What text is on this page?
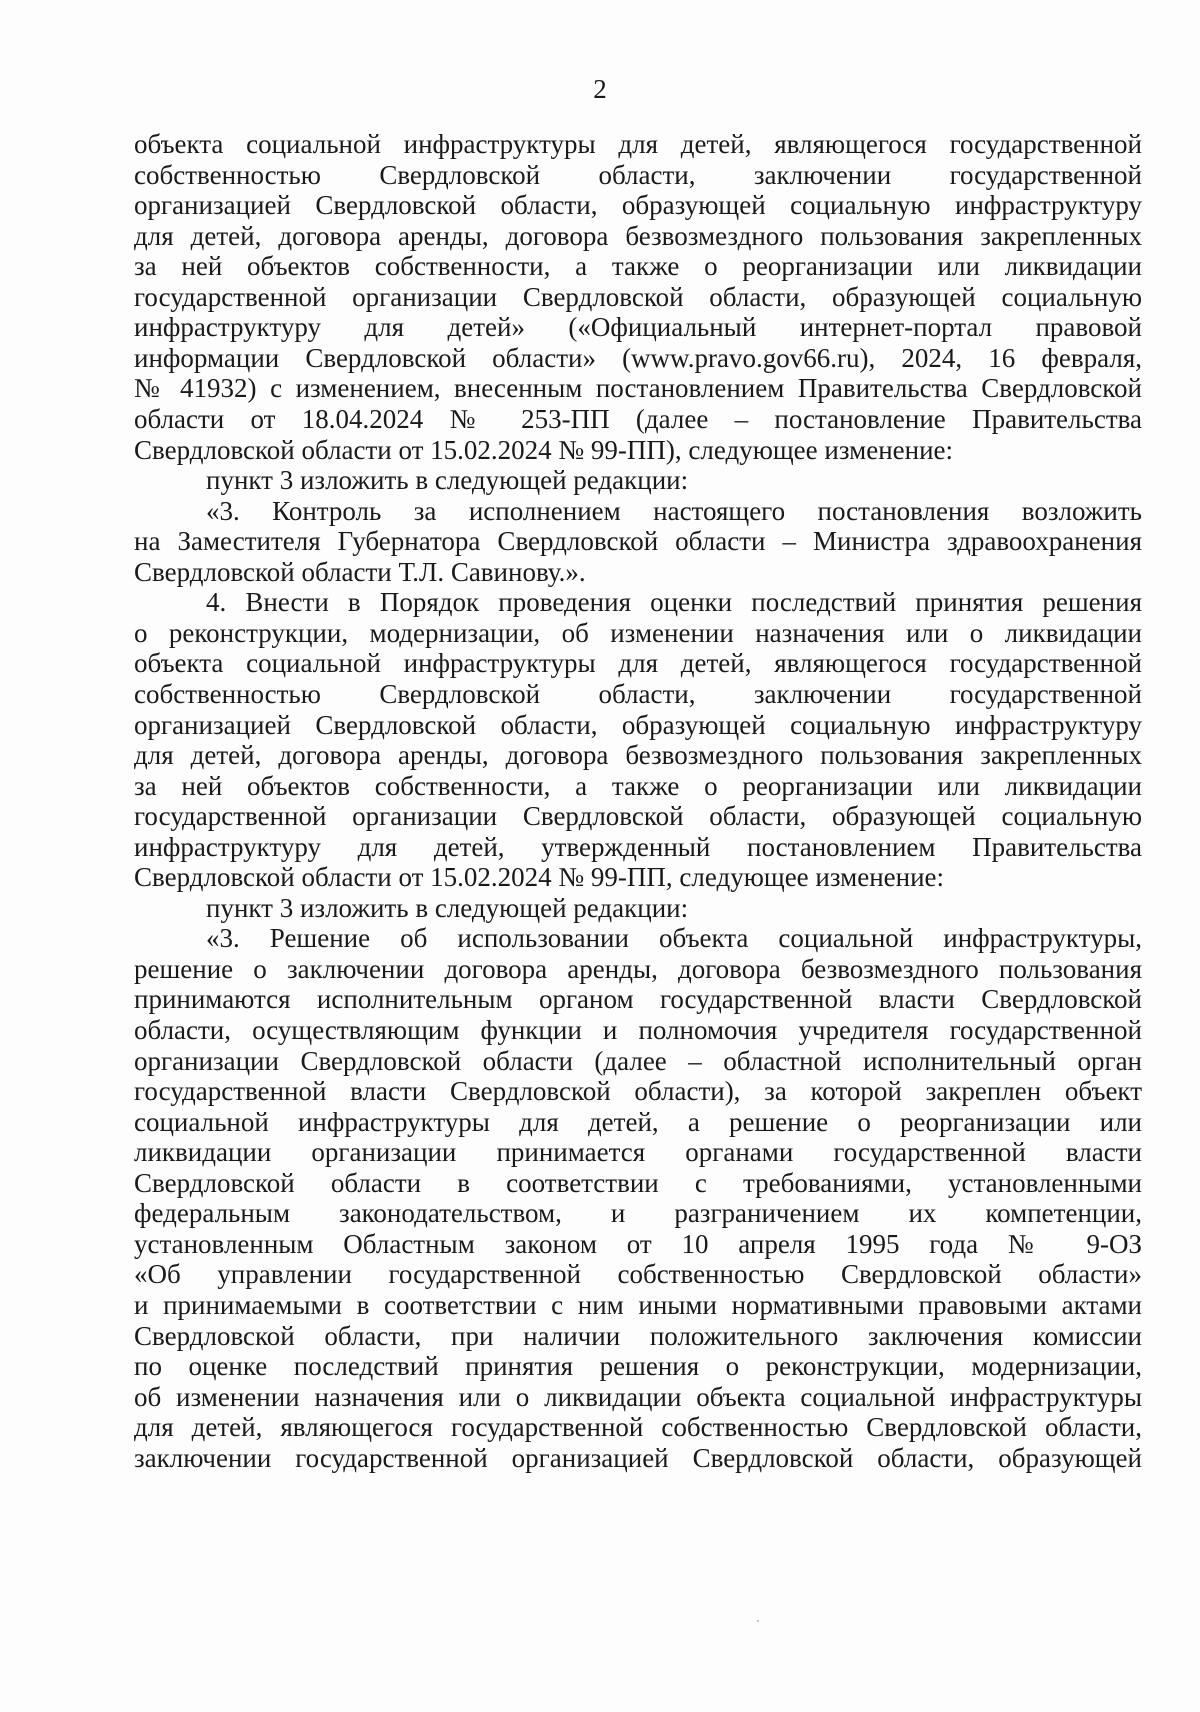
2
объекта социальной инфраструктуры для детей, являющегося государственной
собственностью Свердловской области, заключении государственной
организацией Свердловской области, образующей социальную инфраструктуру
для детей, договора аренды, договора безвозмездного пользования закрепленных
за ней объектов собственности, а также о реорганизации или ликвидации
государственной организации Свердловской области, образующей социальную
инфраструктуру для детей» («Официальный интернет-портал правовой
информации Свердловской области» (www.pravo.gov66.ru), 2024, 16 февраля,
№ 41932) с изменением, внесенным постановлением Правительства Свердловской
области от 18.04.2024 № 253-ПП (далее – постановление Правительства
Свердловской области от 15.02.2024 № 99-ПП), следующее изменение:
пункт 3 изложить в следующей редакции:
«3. Контроль за исполнением настоящего постановления возложить
на Заместителя Губернатора Свердловской области – Министра здравоохранения
Свердловской области Т.Л. Савинову.».
4. Внести в Порядок проведения оценки последствий принятия решения
о реконструкции, модернизации, об изменении назначения или о ликвидации
объекта социальной инфраструктуры для детей, являющегося государственной
собственностью Свердловской области, заключении государственной
организацией Свердловской области, образующей социальную инфраструктуру
для детей, договора аренды, договора безвозмездного пользования закрепленных
за ней объектов собственности, а также о реорганизации или ликвидации
государственной организации Свердловской области, образующей социальную
инфраструктуру для детей, утвержденный постановлением Правительства
Свердловской области от 15.02.2024 № 99-ПП, следующее изменение:
пункт 3 изложить в следующей редакции:
«3. Решение об использовании объекта социальной инфраструктуры,
решение о заключении договора аренды, договора безвозмездного пользования
принимаются исполнительным органом государственной власти Свердловской
области, осуществляющим функции и полномочия учредителя государственной
организации Свердловской области (далее – областной исполнительный орган
государственной власти Свердловской области), за которой закреплен объект
социальной инфраструктуры для детей, а решение о реорганизации или
ликвидации организации принимается органами государственной власти
Свердловской области в соответствии с требованиями, установленными
федеральным законодательством, и разграничением их компетенции,
установленным Областным законом от 10 апреля 1995 года № 9-ОЗ
«Об управлении государственной собственностью Свердловской области»
и принимаемыми в соответствии с ним иными нормативными правовыми актами
Свердловской области, при наличии положительного заключения комиссии
по оценке последствий принятия решения о реконструкции, модернизации,
об изменении назначения или о ликвидации объекта социальной инфраструктуры
для детей, являющегося государственной собственностью Свердловской области,
заключении государственной организацией Свердловской области, образующей
